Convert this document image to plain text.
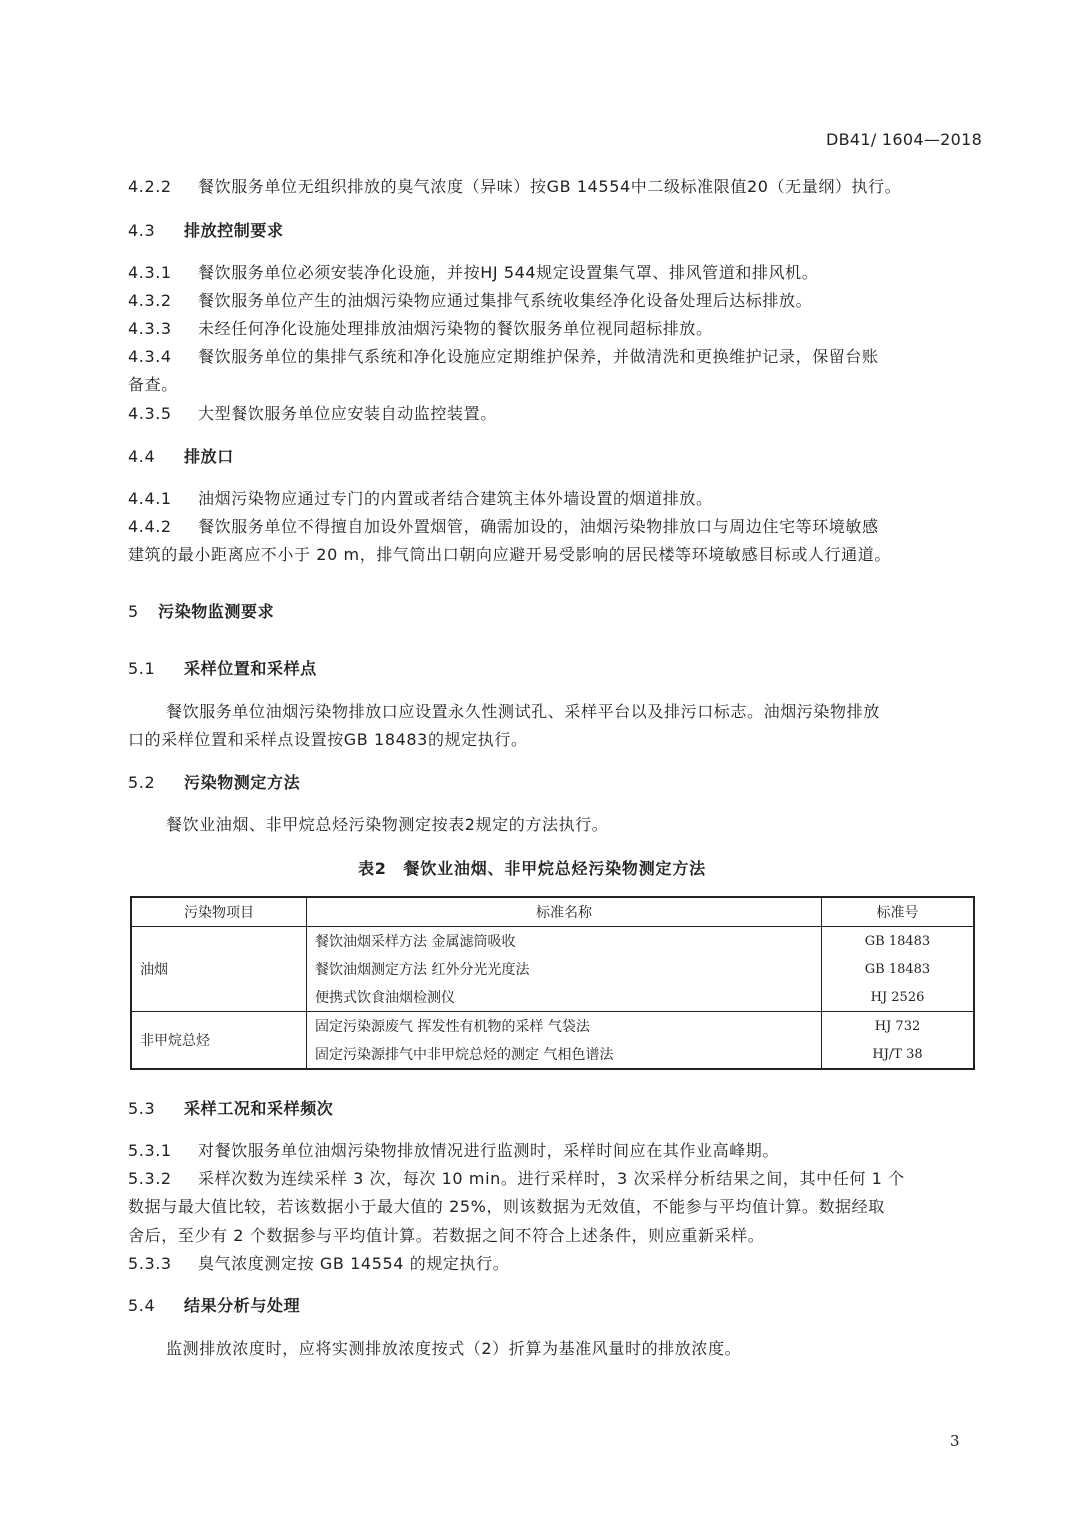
DB41/ 1604—2018
4.2.2 餐饮服务单位无组织排放的臭气浓度（异味）按GB 14554中二级标准限值20（无量纲）执行。
4.3 排放控制要求
4.3.1 餐饮服务单位必须安装净化设施，并按HJ 544规定设置集气罩、排风管道和排风机。
4.3.2 餐饮服务单位产生的油烟污染物应通过集排气系统收集经净化设备处理后达标排放。
4.3.3 未经任何净化设施处理排放油烟污染物的餐饮服务单位视同超标排放。
4.3.4 餐饮服务单位的集排气系统和净化设施应定期维护保养，并做清洗和更换维护记录，保留台账
备查。
4.3.5 大型餐饮服务单位应安装自动监控装置。
4.4 排放口
4.4.1 油烟污染物应通过专门的内置或者结合建筑主体外墙设置的烟道排放。
4.4.2 餐饮服务单位不得擅自加设外置烟管，确需加设的，油烟污染物排放口与周边住宅等环境敏感
建筑的最小距离应不小于 20 m，排气筒出口朝向应避开易受影响的居民楼等环境敏感目标或人行通道。
5 污染物监测要求
5.1 采样位置和采样点
餐饮服务单位油烟污染物排放口应设置永久性测试孔、采样平台以及排污口标志。油烟污染物排放
口的采样位置和采样点设置按GB 18483的规定执行。
5.2 污染物测定方法
餐饮业油烟、非甲烷总烃污染物测定按表2规定的方法执行。
表2　餐饮业油烟、非甲烷总烃污染物测定方法
污染物项目	标准名称	标准号
油烟	餐饮油烟采样方法 金属滤筒吸收	GB 18483
	餐饮油烟测定方法 红外分光光度法	GB 18483
	便携式饮食油烟检测仪	HJ 2526
非甲烷总烃	固定污染源废气 挥发性有机物的采样 气袋法	HJ 732
	固定污染源排气中非甲烷总烃的测定 气相色谱法	HJ/T 38
5.3 采样工况和采样频次
5.3.1 对餐饮服务单位油烟污染物排放情况进行监测时，采样时间应在其作业高峰期。
5.3.2 采样次数为连续采样 3 次，每次 10 min。进行采样时，3 次采样分析结果之间，其中任何 1 个
数据与最大值比较，若该数据小于最大值的 25%，则该数据为无效值，不能参与平均值计算。数据经取
舍后，至少有 2 个数据参与平均值计算。若数据之间不符合上述条件，则应重新采样。
5.3.3 臭气浓度测定按 GB 14554 的规定执行。
5.4 结果分析与处理
监测排放浓度时，应将实测排放浓度按式（2）折算为基准风量时的排放浓度。
3
